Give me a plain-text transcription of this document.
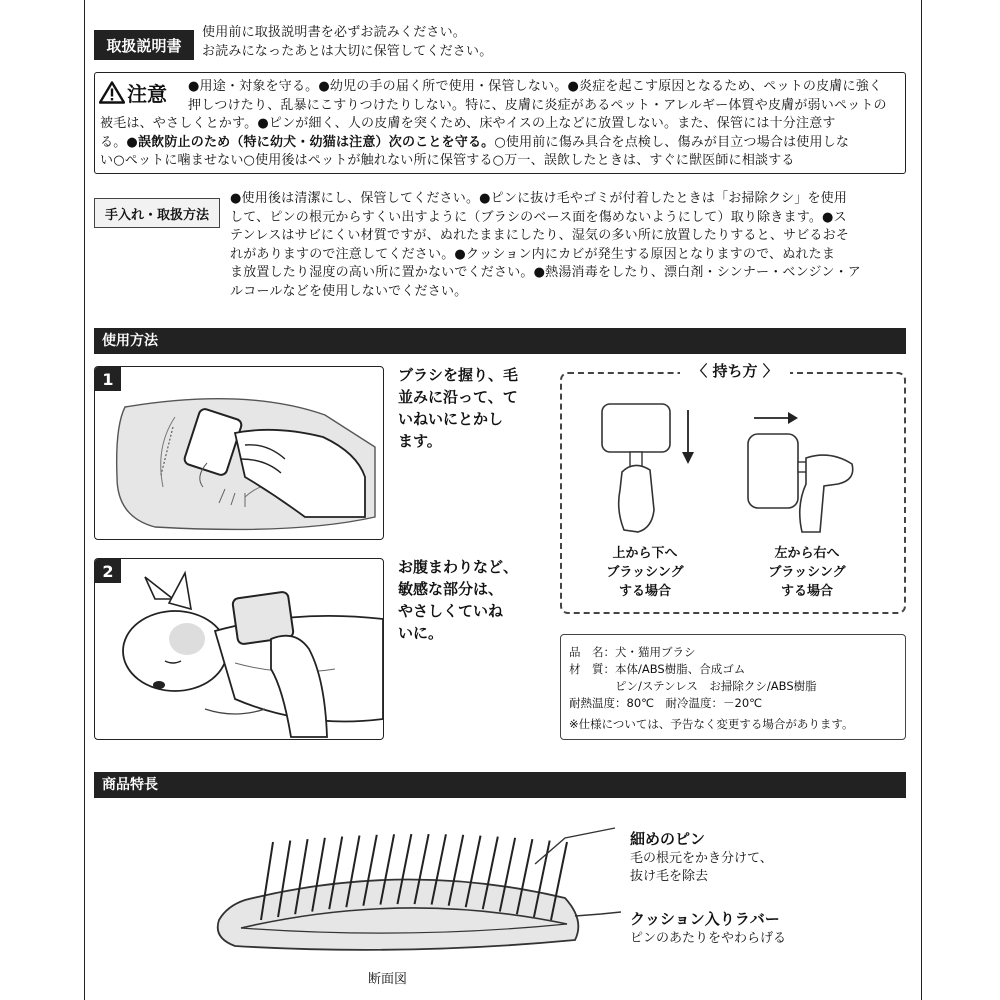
取扱説明書
使用前に取扱説明書を必ずお読みください。
お読みになったあとは大切に保管してください。
注意	●用途・対象を守る。●幼児の手の届く所で使用・保管しない。●炎症を起こす原因となるため、ペットの皮膚に強く
押しつけたり、乱暴にこすりつけたりしない。特に、皮膚に炎症があるペット・アレルギー体質や皮膚が弱いペットの
被毛は、やさしくとかす。●ピンが細く、人の皮膚を突くため、床やイスの上などに放置しない。また、保管には十分注意す
る。●誤飲防止のため（特に幼犬・幼猫は注意）次のことを守る。○使用前に傷み具合を点検し、傷みが目立つ場合は使用しな
い○ペットに噛ませない○使用後はペットが触れない所に保管する○万一、誤飲したときは、すぐに獣医師に相談する
手入れ・取扱方法
●使用後は清潔にし、保管してください。●ピンに抜け毛やゴミが付着したときは「お掃除クシ」を使用
して、ピンの根元からすくい出すように（ブラシのベース面を傷めないようにして）取り除きます。●ス
テンレスはサビにくい材質ですが、ぬれたままにしたり、湿気の多い所に放置したりすると、サビるおそ
れがありますので注意してください。●クッション内にカビが発生する原因となりますので、ぬれたま
ま放置したり湿度の高い所に置かないでください。●熱湯消毒をしたり、漂白剤・シンナー・ベンジン・ア
ルコールなどを使用しないでください。
使用方法
1	ブラシを握り、毛
並みに沿って、て
いねいにとかし
ます。
2	お腹まわりなど、
敏感な部分は、
やさしくていね
いに。
〈 持ち方 〉
上から下へ
ブラッシング
する場合
左から右へ
ブラッシング
する場合
品　名：犬・猫用ブラシ
材　質：本体/ABS樹脂、合成ゴム
　　　　ピン/ステンレス　お掃除クシ/ABS樹脂
耐熱温度：80℃　耐冷温度：－20℃
※仕様については、予告なく変更する場合があります。
商品特長
細めのピン
毛の根元をかき分けて、
抜け毛を除去
クッション入りラバー
ピンのあたりをやわらげる
断面図
